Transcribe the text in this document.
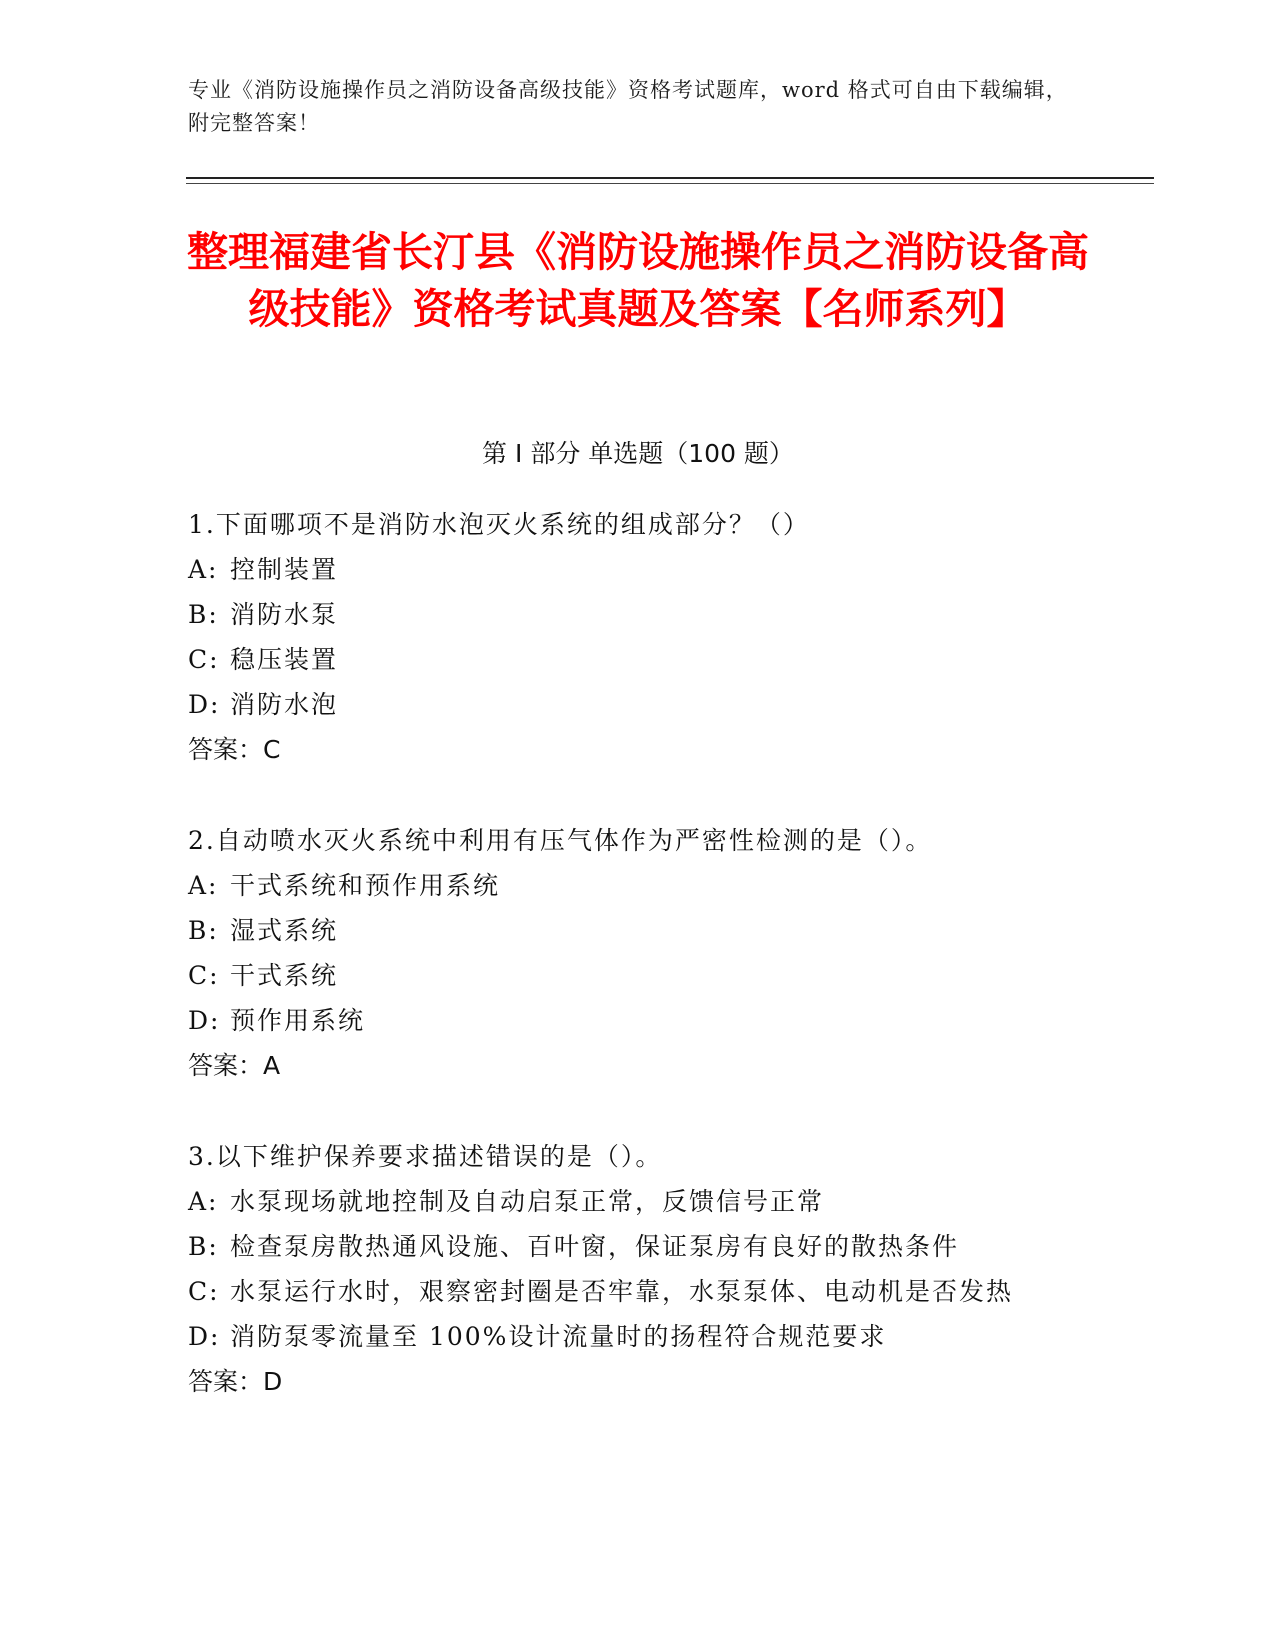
专业《消防设施操作员之消防设备高级技能》资格考试题库，word 格式可自由下载编辑，附完整答案！
整理福建省长汀县《消防设施操作员之消防设备高级技能》资格考试真题及答案【名师系列】
第 I 部分 单选题（100 题）
1.下面哪项不是消防水泡灭火系统的组成部分？（）
A: 控制装置
B: 消防水泵
C: 稳压装置
D: 消防水泡
答案：C
2.自动喷水灭火系统中利用有压气体作为严密性检测的是（）。
A: 干式系统和预作用系统
B: 湿式系统
C: 干式系统
D: 预作用系统
答案：A
3.以下维护保养要求描述错误的是（）。
A: 水泵现场就地控制及自动启泵正常，反馈信号正常
B: 检查泵房散热通风设施、百叶窗，保证泵房有良好的散热条件
C: 水泵运行水时，艰察密封圈是否牢靠，水泵泵体、电动机是否发热
D: 消防泵零流量至 100%设计流量时的扬程符合规范要求
答案：D
